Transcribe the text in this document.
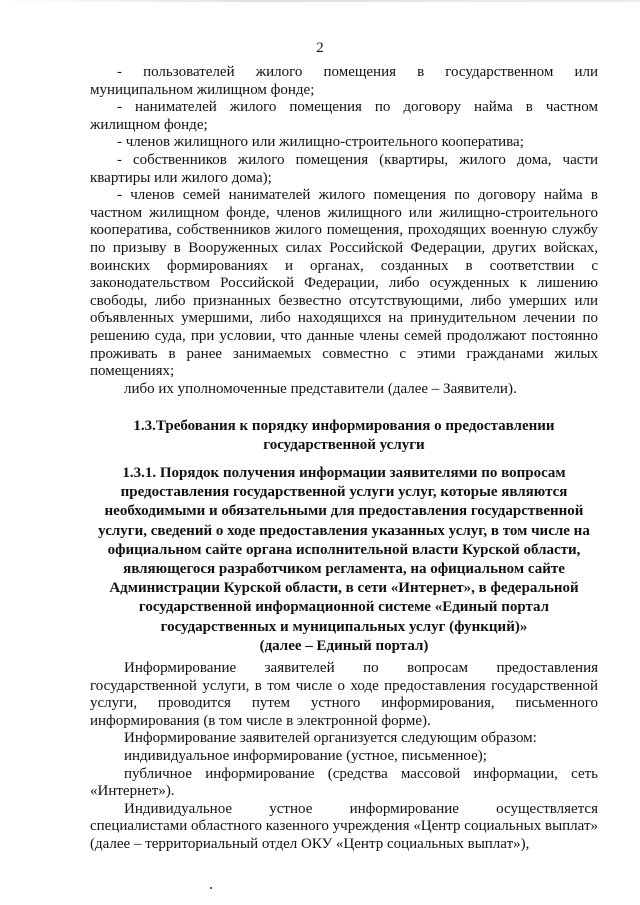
2

- пользователей жилого помещения в государственном или муниципальном жилищном фонде;

- нанимателей жилого помещения по договору найма в частном жилищном фонде;

- членов жилищного или жилищно-строительного кооператива;

- собственников жилого помещения (квартиры, жилого дома, части квартиры или жилого дома);

- членов семей нанимателей жилого помещения по договору найма в частном жилищном фонде, членов жилищного или жилищно-строительного кооператива, собственников жилого помещения, проходящих военную службу по призыву в Вооруженных силах Российской Федерации, других войсках, воинских формированиях и органах, созданных в соответствии с законодательством Российской Федерации, либо осужденных к лишению свободы, либо признанных безвестно отсутствующими, либо умерших или объявленных умершими, либо находящихся на принудительном лечении по решению суда, при условии, что данные члены семей продолжают постоянно проживать в ранее занимаемых совместно с этими гражданами жилых помещениях;

либо их уполномоченные представители (далее – Заявители).

1.3.Требования к порядку информирования о предоставлении

государственной услуги

1.3.1. Порядок получения информации заявителями по вопросам

предоставления государственной услуги услуг, которые являются

необходимыми и обязательными для предоставления государственной

услуги, сведений о ходе предоставления указанных услуг, в том числе на

официальном сайте органа исполнительной власти Курской области,

являющегося разработчиком регламента, на официальном сайте

Администрации Курской области, в сети «Интернет», в федеральной

государственной информационной системе «Единый портал

государственных и муниципальных услуг (функций)»

(далее – Единый портал)

Информирование заявителей по вопросам предоставления государственной услуги, в том числе о ходе предоставления государственной услуги, проводится путем устного информирования, письменного информирования (в том числе в электронной форме).

Информирование заявителей организуется следующим образом:

индивидуальное информирование (устное, письменное);

публичное информирование (средства массовой информации, сеть «Интернет»).

Индивидуальное устное информирование осуществляется специалистами областного казенного учреждения «Центр социальных выплат» (далее – территориальный отдел ОКУ «Центр социальных выплат»),
